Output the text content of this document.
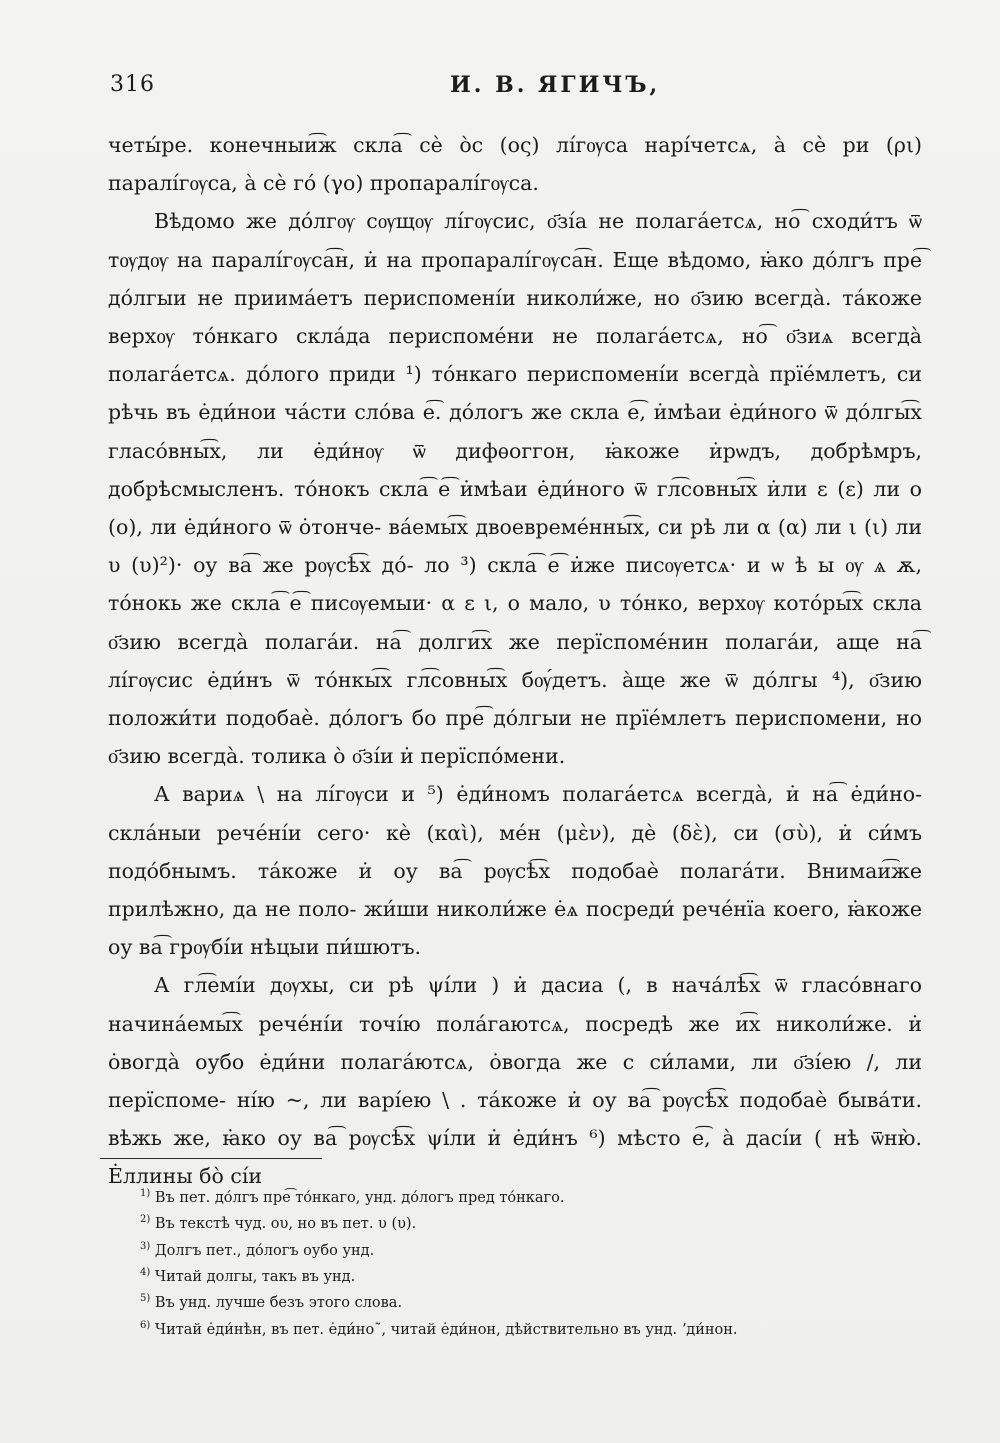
316	И. В. ЯГИЧЪ,

четы́ре. конечныи͡ж скла͡ сѐ о̀с (ος) лíгѹса нарíчетсѧ, а̀ сѐ ри (ρι) паралíгѹса, а̀ сѐ го́ (γο) пропаралíгѹса.

Вѣдомо же до́лгѹ сѹщѹ лíгѹсис, о҃зíа не полагáетсѧ, но͡ сходи́тъ ѿ тѹдѹ на паралíгѹса͡н, и̇ на пропаралíгѹса͡н. Еще вѣдомо, ꙗ̇ко до́лгъ пре͡ до́лгыи не приимáетъ периспоменíи николи́же, но о҃зию всегдà. тáкоже верхѹ то́нкаго склáда периспомéни не полагáетсѧ, но͡ о҃зиѧ всегдà полагáетсѧ. до́лого приди ¹) то́нкаго периспоменíи всегдà прїéмлетъ, си рѣчь въ е̇ди́нои чáсти сло́ва е͡. до́логъ же скла е͡, и̇мѣаи е̇ди́ного ѿ до́лгы͡х гласо́вны͡х, ли е̇ди́нѹ ѿ дифѳоггон, ꙗ̇коже и̇рѡдъ, добрѣмръ, добрѣсмысленъ. то́нокъ скла͡ е͡ и̇мѣаи е̇ди́ного ѿ гл͡совны͡х и̇ли ε (ε) ли ο (ο), ли е̇ди́ного ѿ о̇тонче- вáемы͡х двоевремéнны͡х, си рѣ ли α (α) ли ι (ι) ли υ (υ)²)· оу ва͡ же рѹсѣ͡х до́- ло ³) скла͡ е͡ и̇же писѹетсѧ· и ѡ ѣ ы ѹ ѧ ѫ, то́нокь же скла͡ е͡ писѹемыи· α ε ι, ο мало, υ то́нко, верхѹ кото́ры͡х скла о҃зию всегдà полагáи. на͡ долги͡х же перïспомéнин полагáи, аще на͡ лíгѹсис е̇ди́нъ ѿ то́нкы͡х гл͡совны͡х бѹ́детъ. а̀ще же ѿ до́лгы ⁴), о҃зию положи́ти подобаѐ. до́логъ бо пре͡ до́лгыи не прїéмлетъ периспомени, но о҃зию всегдà. толика о̀ о҃зíи и̇ перïспо́мени.

А вариѧ \ на лíгѹси и ⁵) е̇ди́номъ полагáетсѧ всегдà, и̇ на͡ е̇ди́но- склáныи речéнíи сего· кѐ (καὶ), мéн (μὲν), дѐ (δὲ), си (σὺ), и̇ си́мъ подо́бнымъ. тáкоже и̇ оу ва͡ рѹсѣ͡х подобаѐ полагáти. Внимаи͡же прилѣжно, да не поло- жи́ши николи́же е̇ѧ посреди́ речéнïа коего, ꙗ̇коже оу ва͡ грѹбíи нѣцыи пи́шютъ.

А гл͡емíи дѹхы, си рѣ ψíли ) и̇ дасиа (, в нача́лѣ͡х ѿ гласо́внаго начинáемы͡х речéнíи точíю полáгаютсѧ, посредѣ же и͡х николи́же. и̇ о̇вогдà оубо е̇ди́ни полагáютсѧ, о̇вогда же с си́лами, ли о҃зíею /, ли перïспоме- нíю ~, ли варíею \ . тáкоже и̇ оу ва͡ рѹсѣ͡х подобаѐ быва́ти. вѣжь же, ꙗ̇ко оу ва͡ рѹсѣ͡х ψíли и̇ е̇ди́нъ ⁶) мѣсто е͡, а̀ дасíи ( нѣ ѿню̀. Е̇ллины бо̀ сíи

$^{1)}$ Въ пет. до́лгъ пре͡ то́нкаго, унд. до́логъ пред то́нкаго.
$^{2)}$ Въ текстѣ чуд. ου, но въ пет. υ (υ).
$^{3)}$ Долгъ пет., до́логъ оубо унд.
$^{4)}$ Читай долгы, такъ въ унд.
$^{5)}$ Въ унд. лучше безъ этого слова.
$^{6)}$ Читай е̇ди́нѣн, въ пет. е̇ди́но˜, читай е̇ди́нон, дѣйствительно въ унд. ʼди́нон.
